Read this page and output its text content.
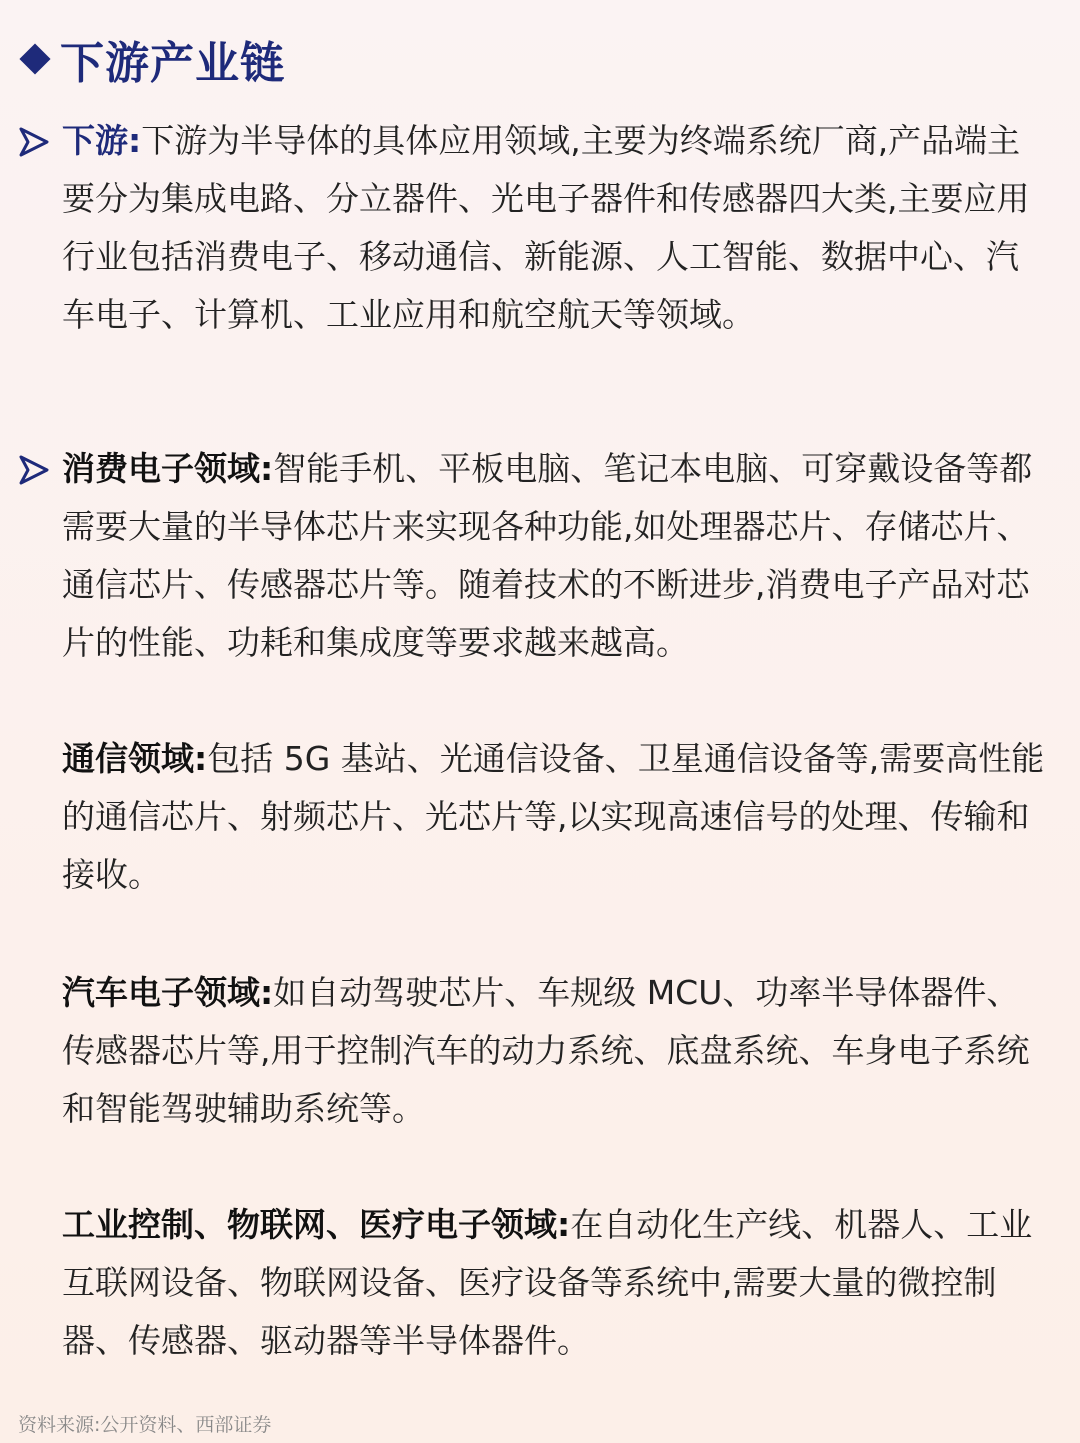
下游产业链
下游:下游为半导体的具体应用领域,主要为终端系统厂商,产品端主要分为集成电路、分立器件、光电子器件和传感器四大类,主要应用行业包括消费电子、移动通信、新能源、人工智能、数据中心、汽车电子、计算机、工业应用和航空航天等领域。
消费电子领域:智能手机、平板电脑、笔记本电脑、可穿戴设备等都需要大量的半导体芯片来实现各种功能,如处理器芯片、存储芯片、通信芯片、传感器芯片等。随着技术的不断进步,消费电子产品对芯片的性能、功耗和集成度等要求越来越高。
通信领域:包括 5G 基站、光通信设备、卫星通信设备等,需要高性能的通信芯片、射频芯片、光芯片等,以实现高速信号的处理、传输和接收。
汽车电子领域:如自动驾驶芯片、车规级 MCU、功率半导体器件、传感器芯片等,用于控制汽车的动力系统、底盘系统、车身电子系统和智能驾驶辅助系统等。
工业控制、物联网、医疗电子领域:在自动化生产线、机器人、工业互联网设备、物联网设备、医疗设备等系统中,需要大量的微控制器、传感器、驱动器等半导体器件。
资料来源:公开资料、西部证券
